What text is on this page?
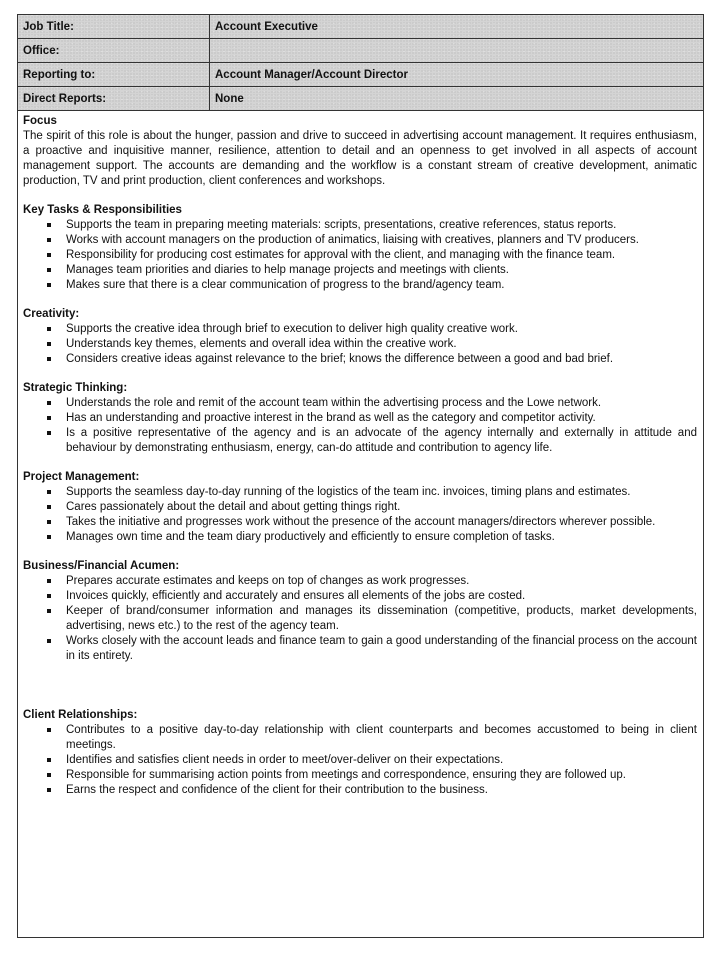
Job Title:	Account Executive
Office:	
Reporting to:	Account Manager/Account Director
Direct Reports:	None

Focus

The spirit of this role is about the hunger, passion and drive to succeed in advertising account management. It requires enthusiasm, a proactive and inquisitive manner, resilience, attention to detail and an openness to get involved in all aspects of account management support. The accounts are demanding and the workflow is a constant stream of creative development, animatic production, TV and print production, client conferences and workshops.

Key Tasks & Responsibilities

Supports the team in preparing meeting materials: scripts, presentations, creative references, status reports.
Works with account managers on the production of animatics, liaising with creatives, planners and TV producers.
Responsibility for producing cost estimates for approval with the client, and managing with the finance team.
Manages team priorities and diaries to help manage projects and meetings with clients.
Makes sure that there is a clear communication of progress to the brand/agency team.

Creativity:

Supports the creative idea through brief to execution to deliver high quality creative work.
Understands key themes, elements and overall idea within the creative work.
Considers creative ideas against relevance to the brief; knows the difference between a good and bad brief.

Strategic Thinking:

Understands the role and remit of the account team within the advertising process and the Lowe network.
Has an understanding and proactive interest in the brand as well as the category and competitor activity.
Is a positive representative of the agency and is an advocate of the agency internally and externally in attitude and behaviour by demonstrating enthusiasm, energy, can-do attitude and contribution to agency life.

Project Management:

Supports the seamless day-to-day running of the logistics of the team inc. invoices, timing plans and estimates.
Cares passionately about the detail and about getting things right.
Takes the initiative and progresses work without the presence of the account managers/directors wherever possible.
Manages own time and the team diary productively and efficiently to ensure completion of tasks.

Business/Financial Acumen:

Prepares accurate estimates and keeps on top of changes as work progresses.
Invoices quickly, efficiently and accurately and ensures all elements of the jobs are costed.
Keeper of brand/consumer information and manages its dissemination (competitive, products, market developments, advertising, news etc.) to the rest of the agency team.
Works closely with the account leads and finance team to gain a good understanding of the financial process on the account in its entirety.

Client Relationships:

Contributes to a positive day-to-day relationship with client counterparts and becomes accustomed to being in client meetings.
Identifies and satisfies client needs in order to meet/over-deliver on their expectations.
Responsible for summarising action points from meetings and correspondence, ensuring they are followed up.
Earns the respect and confidence of the client for their contribution to the business.
